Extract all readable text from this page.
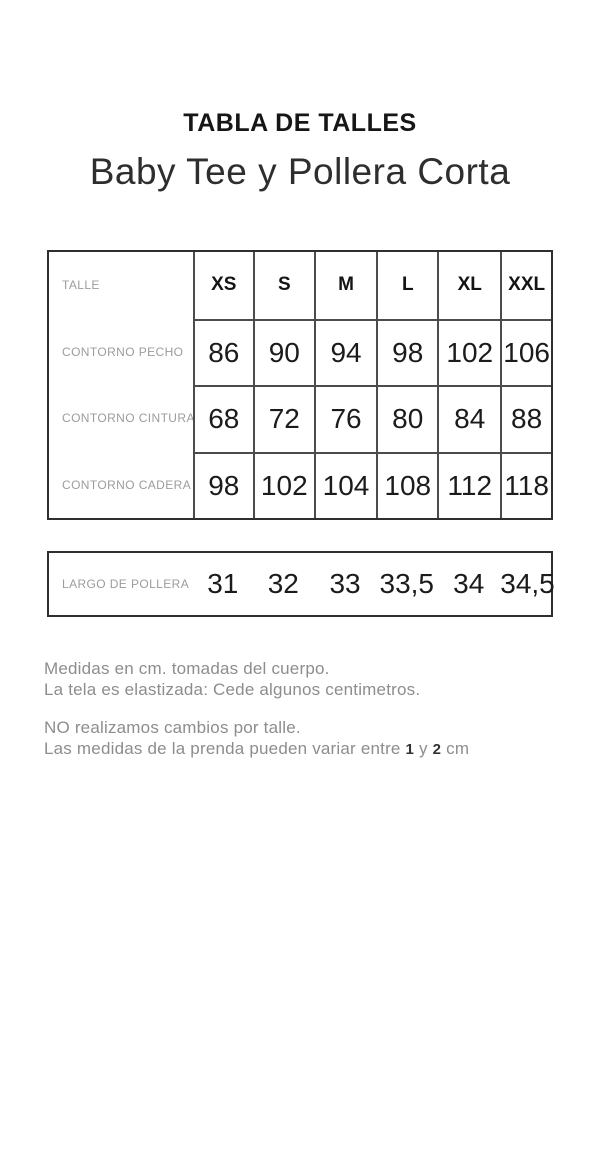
TABLA DE TALLES
Baby Tee y Pollera Corta
TALLE	XS	S	M	L	XL	XXL
CONTORNO PECHO 86	90	94	98 102 106
CONTORNO CINTURA 68	72	76	80	84 88
CONTORNO CADERA 98 102 104 108 112 118
LARGO DE POLLERA 31	32	33 33,5 34 34,5

Medidas en cm. tomadas del cuerpo.
La tela es elastizada: Cede algunos centimetros.

NO realizamos cambios por talle.
Las medidas de la prenda pueden variar entre 1 y 2 cm
